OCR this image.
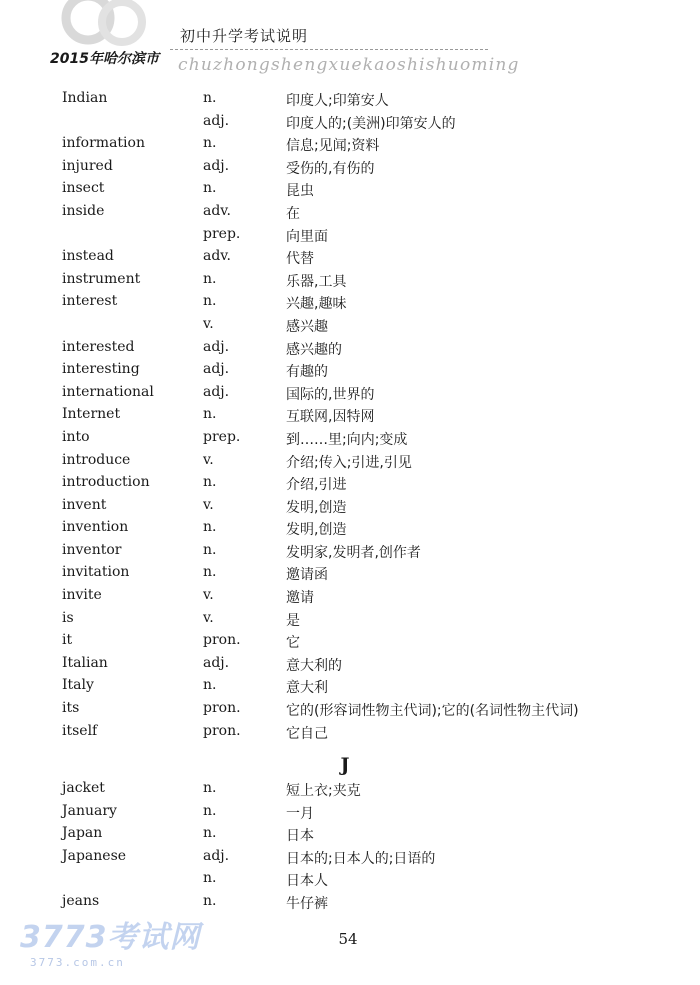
初中升学考试说明
2015年哈尔滨市 chuzhongshengxuekaoshishuoming
Indian	n.	印度人;印第安人
adj.	印度人的;(美洲)印第安人的
information	n.	信息;见闻;资料
injured	adj.	受伤的,有伤的
insect	n.	昆虫
inside	adv.	在
prep.	向里面
instead	adv.	代替
instrument	n.	乐器,工具
interest	n.	兴趣,趣味
v.	感兴趣
interested	adj.	感兴趣的
interesting	adj.	有趣的
international	adj.	国际的,世界的
Internet	n.	互联网,因特网
into	prep.	到……里;向内;变成
introduce	v.	介绍;传入;引进,引见
introduction	n.	介绍,引进
invent	v.	发明,创造
invention	n.	发明,创造
inventor	n.	发明家,发明者,创作者
invitation	n.	邀请函
invite	v.	邀请
is	v.	是
it	pron.	它
Italian	adj.	意大利的
Italy	n.	意大利
its	pron.	它的(形容词性物主代词);它的(名词性物主代词)
itself	pron.	它自己
J
jacket	n.	短上衣;夹克
January	n.	一月
Japan	n.	日本
Japanese	adj.	日本的;日本人的;日语的
n.	日本人
jeans	n.	牛仔裤
54
3773考试网
3773.com.cn
